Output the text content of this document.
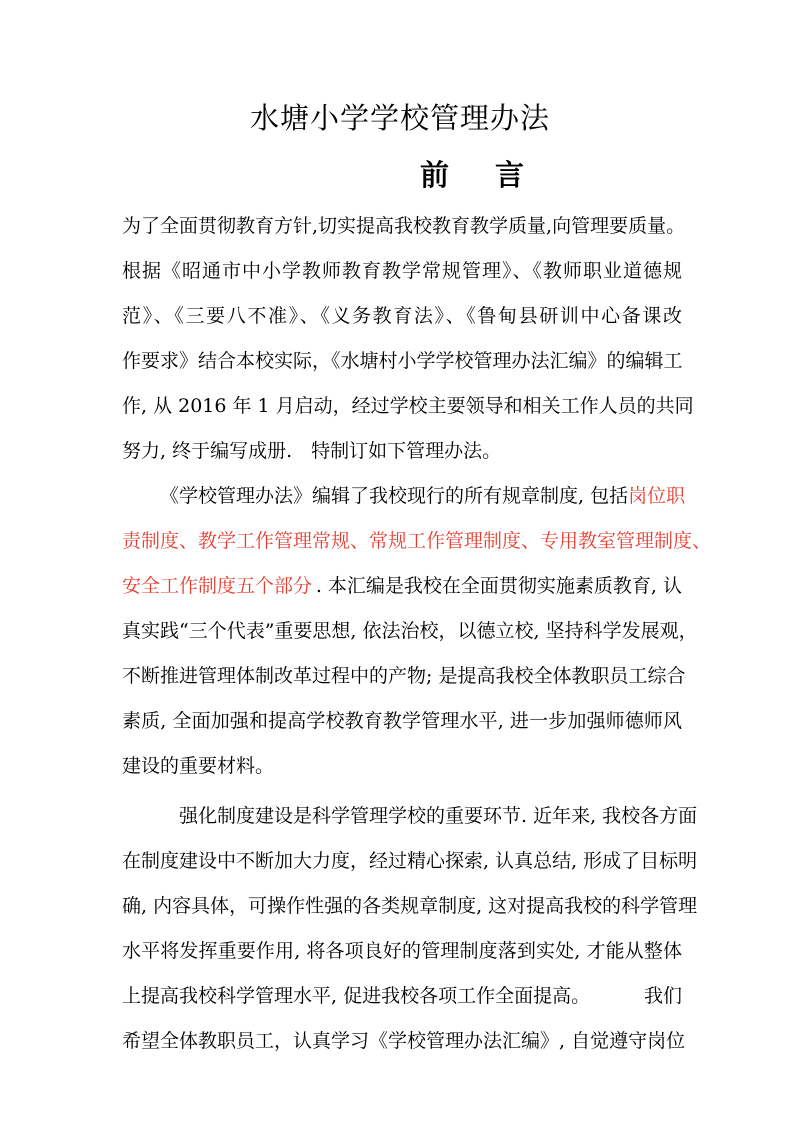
水塘小学学校管理办法
前言
为了全面贯彻教育方针,切实提高我校教育教学质量,向管理要质量。
根据《昭通市中小学教师教育教学常规管理》、《教师职业道德规
范》、《三要八不准》、《义务教育法》、《鲁甸县研训中心备课改
作要求》结合本校实际，《水塘村小学学校管理办法汇编》的编辑工
作, 从 2016 年 1 月启动，经过学校主要领导和相关工作人员的共同
努力, 终于编写成册.　特制订如下管理办法。
《学校管理办法》编辑了我校现行的所有规章制度, 包括岗位职
责制度、教学工作管理常规、常规工作管理制度、专用教室管理制度、
安全工作制度五个部分 . 本汇编是我校在全面贯彻实施素质教育, 认
真实践“三个代表”重要思想, 依法治校，以德立校, 坚持科学发展观，
不断推进管理体制改革过程中的产物; 是提高我校全体教职员工综合
素质, 全面加强和提高学校教育教学管理水平, 进一步加强师德师风
建设的重要材料。
强化制度建设是科学管理学校的重要环节. 近年来, 我校各方面
在制度建设中不断加大力度，经过精心探索, 认真总结, 形成了目标明
确, 内容具体，可操作性强的各类规章制度, 这对提高我校的科学管理
水平将发挥重要作用, 将各项良好的管理制度落到实处, 才能从整体
上提高我校科学管理水平, 促进我校各项工作全面提高。	我们
希望全体教职员工，认真学习《学校管理办法汇编》, 自觉遵守岗位
